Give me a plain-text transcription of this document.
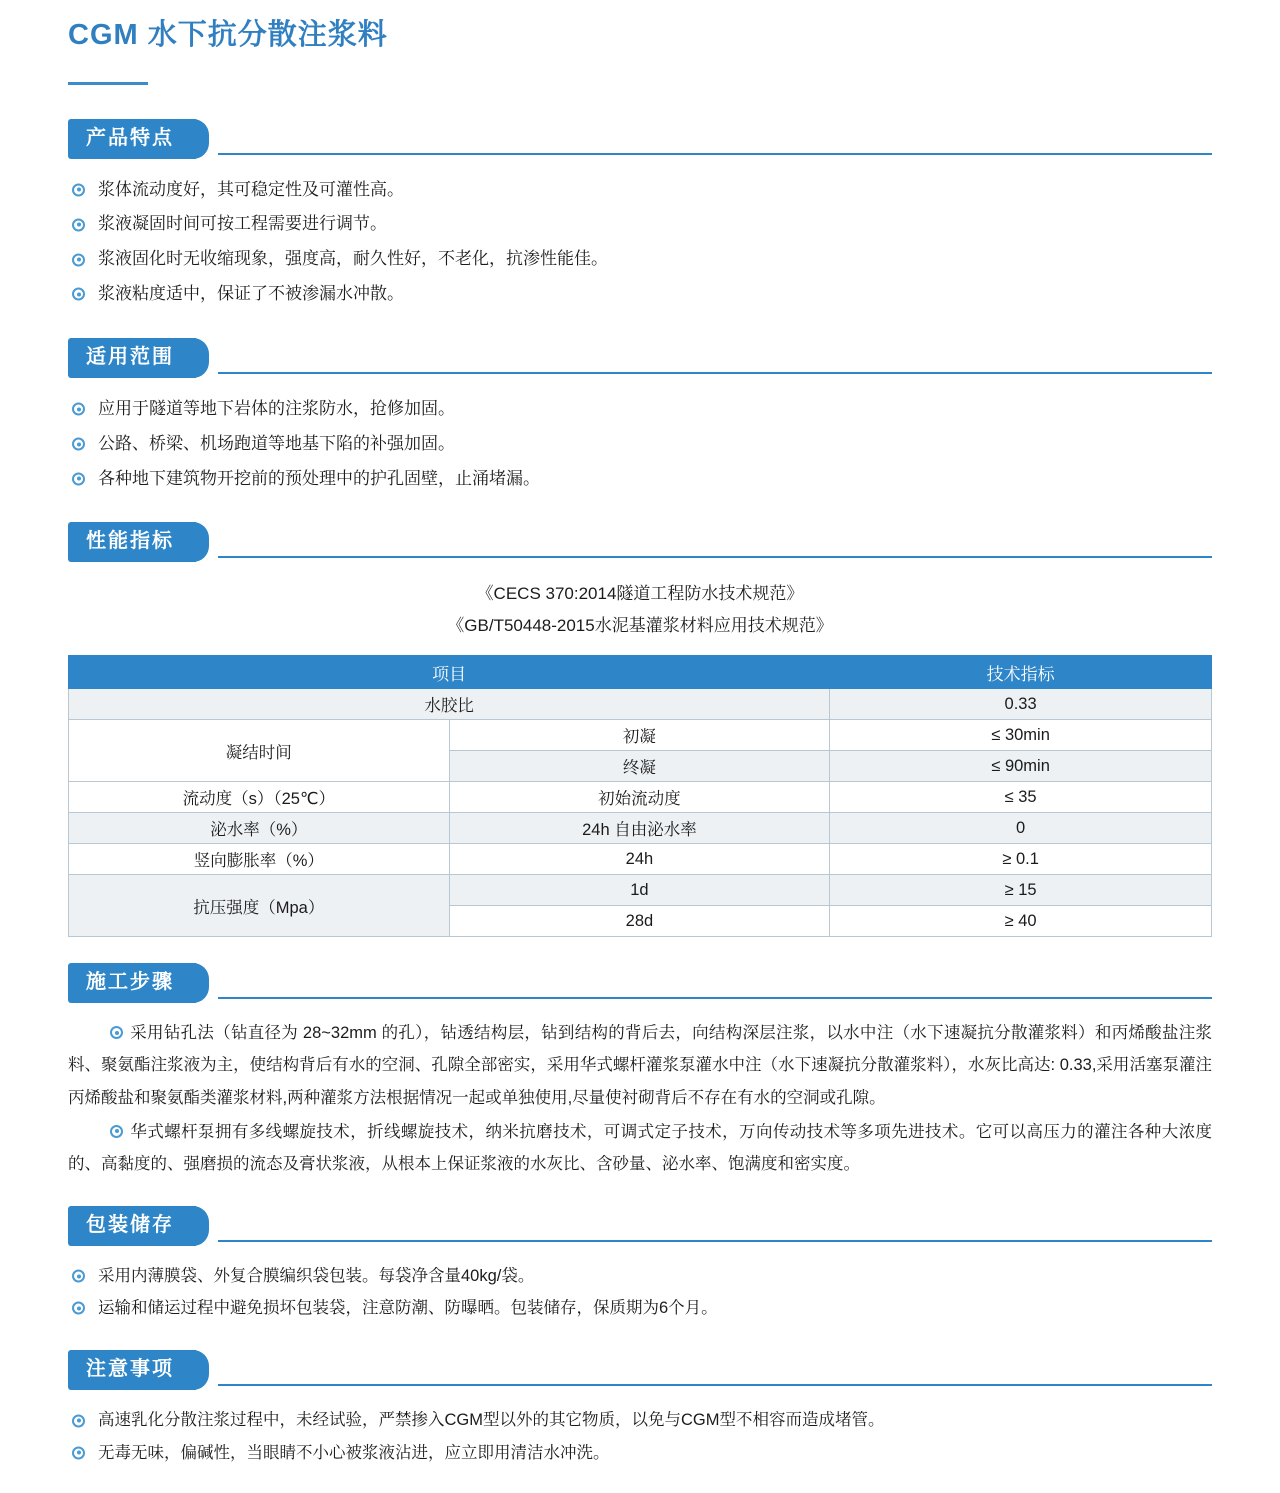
CGM 水下抗分散注浆料
产品特点
浆体流动度好，其可稳定性及可灌性高。
浆液凝固时间可按工程需要进行调节。
浆液固化时无收缩现象，强度高，耐久性好，不老化，抗渗性能佳。
浆液粘度适中，保证了不被渗漏水冲散。
适用范围
应用于隧道等地下岩体的注浆防水，抢修加固。
公路、桥梁、机场跑道等地基下陷的补强加固。
各种地下建筑物开挖前的预处理中的护孔固壁，止涌堵漏。
性能指标
《CECS 370:2014隧道工程防水技术规范》
《GB/T50448-2015水泥基灌浆材料应用技术规范》
项目		技术指标
水胶比		0.33
凝结时间	初凝	≤ 30min
	终凝	≤ 90min
流动度（s）（25℃）	初始流动度	≤ 35
泌水率（%）	24h 自由泌水率	0
竖向膨胀率（%）	24h	≥ 0.1
抗压强度（Mpa）	1d	≥ 15
	28d	≥ 40
施工步骤

采用钻孔法（钻直径为 28~32mm 的孔），钻透结构层，钻到结构的背后去，向结构深层注浆，以水中注（水下速凝抗分散灌浆料）和丙烯酸盐注浆料、聚氨酯注浆液为主，使结构背后有水的空洞、孔隙全部密实，采用华式螺杆灌浆泵灌水中注（水下速凝抗分散灌浆料），水灰比高达: 0.33,采用活塞泵灌注丙烯酸盐和聚氨酯类灌浆材料,两种灌浆方法根据情况一起或单独使用,尽量使衬砌背后不存在有水的空洞或孔隙。

华式螺杆泵拥有多线螺旋技术，折线螺旋技术，纳米抗磨技术，可调式定子技术，万向传动技术等多项先进技术。它可以高压力的灌注各种大浓度的、高黏度的、强磨损的流态及膏状浆液，从根本上保证浆液的水灰比、含砂量、泌水率、饱满度和密实度。

包装储存
采用内薄膜袋、外复合膜编织袋包装。每袋净含量40kg/袋。
运输和储运过程中避免损坏包装袋，注意防潮、防曝晒。包装储存，保质期为6个月。
注意事项
高速乳化分散注浆过程中，未经试验，严禁掺入CGM型以外的其它物质，以免与CGM型不相容而造成堵管。
无毒无味，偏碱性，当眼睛不小心被浆液沾进，应立即用清洁水冲洗。
